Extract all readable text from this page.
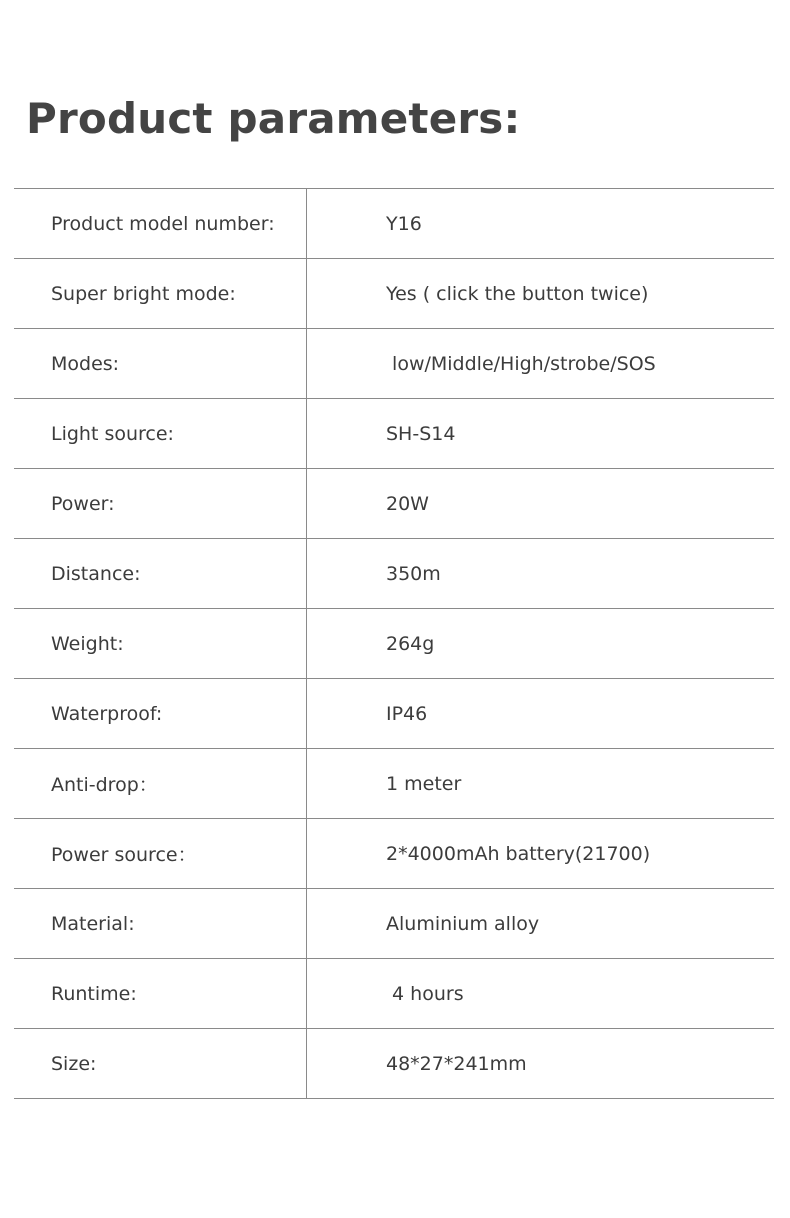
Product parameters:
Product model number:	Y16
Super bright mode:	Yes ( click the button twice)
Modes:	low/Middle/High/strobe/SOS
Light source:	SH-S14
Power:	20W
Distance:	350m
Weight:	264g
Waterproof:	IP46
Anti-drop：	1 meter
Power source：	2*4000mAh battery(21700)
Material:	Aluminium alloy
Runtime:	4 hours
Size:	48*27*241mm
